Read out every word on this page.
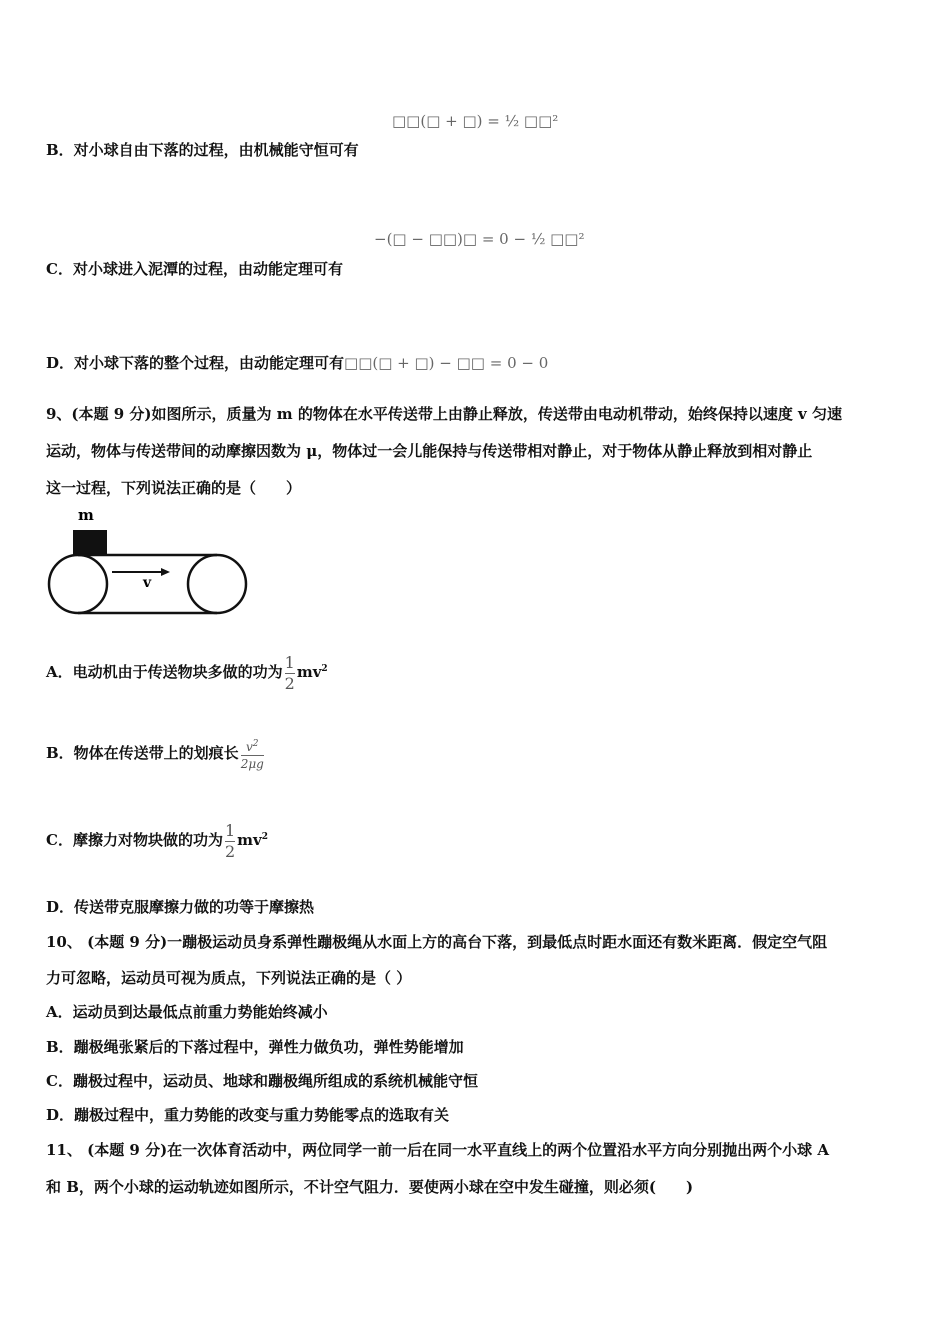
□□(□ + □) = ½ □□²
B．对小球自由下落的过程，由机械能守恒可有
−(□ − □□)□ = 0 − ½ □□²
C．对小球进入泥潭的过程，由动能定理可有
D．对小球下落的整个过程，由动能定理可有□□(□ + □) − □□ = 0 − 0
9、(本题 9 分)如图所示，质量为 m 的物体在水平传送带上由静止释放，传送带由电动机带动，始终保持以速度 v 匀速
运动，物体与传送带间的动摩擦因数为 μ，物体过一会儿能保持与传送带相对静止，对于物体从静止释放到相对静止
这一过程，下列说法正确的是（　　）
m
v
A．电动机由于传送物块多做的功为 $\frac{1}{2} mv^2$
B．物体在传送带上的划痕长 $\frac{v^2}{2\mu g}$
C．摩擦力对物块做的功为 $\frac{1}{2} mv^2$
D．传送带克服摩擦力做的功等于摩擦热
10、 (本题 9 分)一蹦极运动员身系弹性蹦极绳从水面上方的高台下落，到最低点时距水面还有数米距离．假定空气阻
力可忽略，运动员可视为质点，下列说法正确的是（ ）
A．运动员到达最低点前重力势能始终减小
B．蹦极绳张紧后的下落过程中，弹性力做负功，弹性势能增加
C．蹦极过程中，运动员、地球和蹦极绳所组成的系统机械能守恒
D．蹦极过程中，重力势能的改变与重力势能零点的选取有关
11、 (本题 9 分)在一次体育活动中，两位同学一前一后在同一水平直线上的两个位置沿水平方向分别抛出两个小球 A
和 B，两个小球的运动轨迹如图所示，不计空气阻力．要使两小球在空中发生碰撞，则必须(　　)
